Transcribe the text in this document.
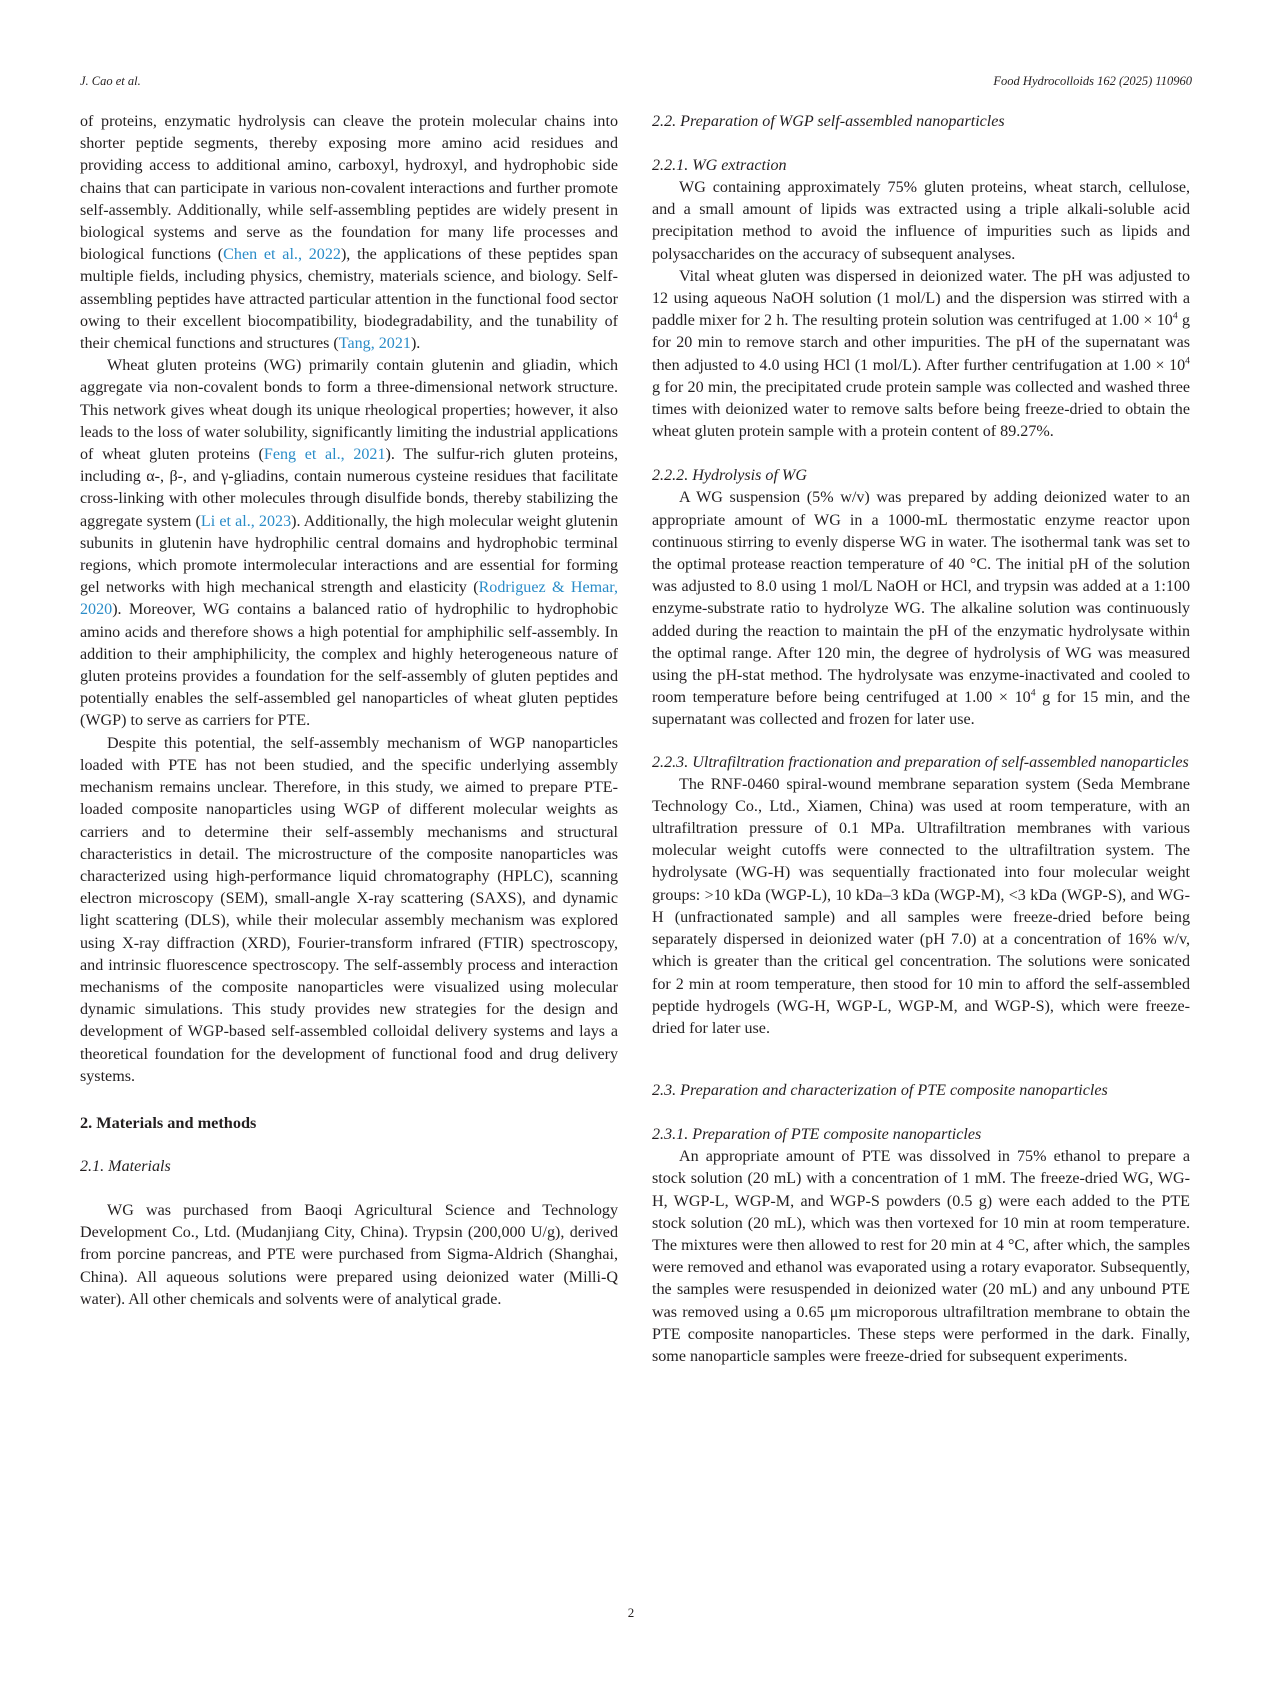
J. Cao et al.	Food Hydrocolloids 162 (2025) 110960

of proteins, enzymatic hydrolysis can cleave the protein molecular chains into shorter peptide segments, thereby exposing more amino acid residues and providing access to additional amino, carboxyl, hydroxyl, and hydrophobic side chains that can participate in various non-covalent interactions and further promote self-assembly. Additionally, while self-assembling peptides are widely present in biological systems and serve as the foundation for many life processes and biological functions (Chen et al., 2022), the applications of these peptides span multiple fields, including physics, chemistry, materials science, and biology. Self-assembling peptides have attracted particular attention in the functional food sector owing to their excellent biocompatibility, biodegradability, and the tunability of their chemical functions and structures (Tang, 2021).

Wheat gluten proteins (WG) primarily contain glutenin and gliadin, which aggregate via non-covalent bonds to form a three-dimensional network structure. This network gives wheat dough its unique rheological properties; however, it also leads to the loss of water solubility, significantly limiting the industrial applications of wheat gluten proteins (Feng et al., 2021). The sulfur-rich gluten proteins, including α-, β-, and γ-gliadins, contain numerous cysteine residues that facilitate cross-linking with other molecules through disulfide bonds, thereby stabilizing the aggregate system (Li et al., 2023). Additionally, the high molecular weight glutenin subunits in glutenin have hydrophilic central domains and hydrophobic terminal regions, which promote intermolecular interactions and are essential for forming gel networks with high mechanical strength and elasticity (Rodriguez & Hemar, 2020). Moreover, WG contains a balanced ratio of hydrophilic to hydrophobic amino acids and therefore shows a high potential for amphiphilic self-assembly. In addition to their amphiphilicity, the complex and highly heterogeneous nature of gluten proteins provides a foundation for the self-assembly of gluten peptides and potentially enables the self-assembled gel nanoparticles of wheat gluten peptides (WGP) to serve as carriers for PTE.

Despite this potential, the self-assembly mechanism of WGP nanoparticles loaded with PTE has not been studied, and the specific underlying assembly mechanism remains unclear. Therefore, in this study, we aimed to prepare PTE-loaded composite nanoparticles using WGP of different molecular weights as carriers and to determine their self-assembly mechanisms and structural characteristics in detail. The microstructure of the composite nanoparticles was characterized using high-performance liquid chromatography (HPLC), scanning electron microscopy (SEM), small-angle X-ray scattering (SAXS), and dynamic light scattering (DLS), while their molecular assembly mechanism was explored using X-ray diffraction (XRD), Fourier-transform infrared (FTIR) spectroscopy, and intrinsic fluorescence spectroscopy. The self-assembly process and interaction mechanisms of the composite nanoparticles were visualized using molecular dynamic simulations. This study provides new strategies for the design and development of WGP-based self-assembled colloidal delivery systems and lays a theoretical foundation for the development of functional food and drug delivery systems.

2. Materials and methods
2.1. Materials

WG was purchased from Baoqi Agricultural Science and Technology Development Co., Ltd. (Mudanjiang City, China). Trypsin (200,000 U/g), derived from porcine pancreas, and PTE were purchased from Sigma-Aldrich (Shanghai, China). All aqueous solutions were prepared using deionized water (Milli-Q water). All other chemicals and solvents were of analytical grade.

2.2. Preparation of WGP self-assembled nanoparticles
2.2.1. WG extraction

WG containing approximately 75% gluten proteins, wheat starch, cellulose, and a small amount of lipids was extracted using a triple alkali-soluble acid precipitation method to avoid the influence of impurities such as lipids and polysaccharides on the accuracy of subsequent analyses.

Vital wheat gluten was dispersed in deionized water. The pH was adjusted to 12 using aqueous NaOH solution (1 mol/L) and the dispersion was stirred with a paddle mixer for 2 h. The resulting protein solution was centrifuged at $1.00 \times 10^4$ g for 20 min to remove starch and other impurities. The pH of the supernatant was then adjusted to 4.0 using HCl (1 mol/L). After further centrifugation at $1.00 \times 10^4$ g for 20 min, the precipitated crude protein sample was collected and washed three times with deionized water to remove salts before being freeze-dried to obtain the wheat gluten protein sample with a protein content of 89.27%.

2.2.2. Hydrolysis of WG

A WG suspension (5% w/v) was prepared by adding deionized water to an appropriate amount of WG in a 1000-mL thermostatic enzyme reactor upon continuous stirring to evenly disperse WG in water. The isothermal tank was set to the optimal protease reaction temperature of 40 °C. The initial pH of the solution was adjusted to 8.0 using 1 mol/L NaOH or HCl, and trypsin was added at a 1:100 enzyme-substrate ratio to hydrolyze WG. The alkaline solution was continuously added during the reaction to maintain the pH of the enzymatic hydrolysate within the optimal range. After 120 min, the degree of hydrolysis of WG was measured using the pH-stat method. The hydrolysate was enzyme-inactivated and cooled to room temperature before being centrifuged at $1.00 \times 10^4$ g for 15 min, and the supernatant was collected and frozen for later use.

2.2.3. Ultrafiltration fractionation and preparation of self-assembled nanoparticles

The RNF-0460 spiral-wound membrane separation system (Seda Membrane Technology Co., Ltd., Xiamen, China) was used at room temperature, with an ultrafiltration pressure of 0.1 MPa. Ultrafiltration membranes with various molecular weight cutoffs were connected to the ultrafiltration system. The hydrolysate (WG-H) was sequentially fractionated into four molecular weight groups: >10 kDa (WGP-L), 10 kDa–3 kDa (WGP-M), <3 kDa (WGP-S), and WG-H (unfractionated sample) and all samples were freeze-dried before being separately dispersed in deionized water (pH 7.0) at a concentration of 16% w/v, which is greater than the critical gel concentration. The solutions were sonicated for 2 min at room temperature, then stood for 10 min to afford the self-assembled peptide hydrogels (WG-H, WGP-L, WGP-M, and WGP-S), which were freeze-dried for later use.

2.3. Preparation and characterization of PTE composite nanoparticles
2.3.1. Preparation of PTE composite nanoparticles

An appropriate amount of PTE was dissolved in 75% ethanol to prepare a stock solution (20 mL) with a concentration of 1 mM. The freeze-dried WG, WG-H, WGP-L, WGP-M, and WGP-S powders (0.5 g) were each added to the PTE stock solution (20 mL), which was then vortexed for 10 min at room temperature. The mixtures were then allowed to rest for 20 min at 4 °C, after which, the samples were removed and ethanol was evaporated using a rotary evaporator. Subsequently, the samples were resuspended in deionized water (20 mL) and any unbound PTE was removed using a 0.65 μm microporous ultrafiltration membrane to obtain the PTE composite nanoparticles. These steps were performed in the dark. Finally, some nanoparticle samples were freeze-dried for subsequent experiments.

2
